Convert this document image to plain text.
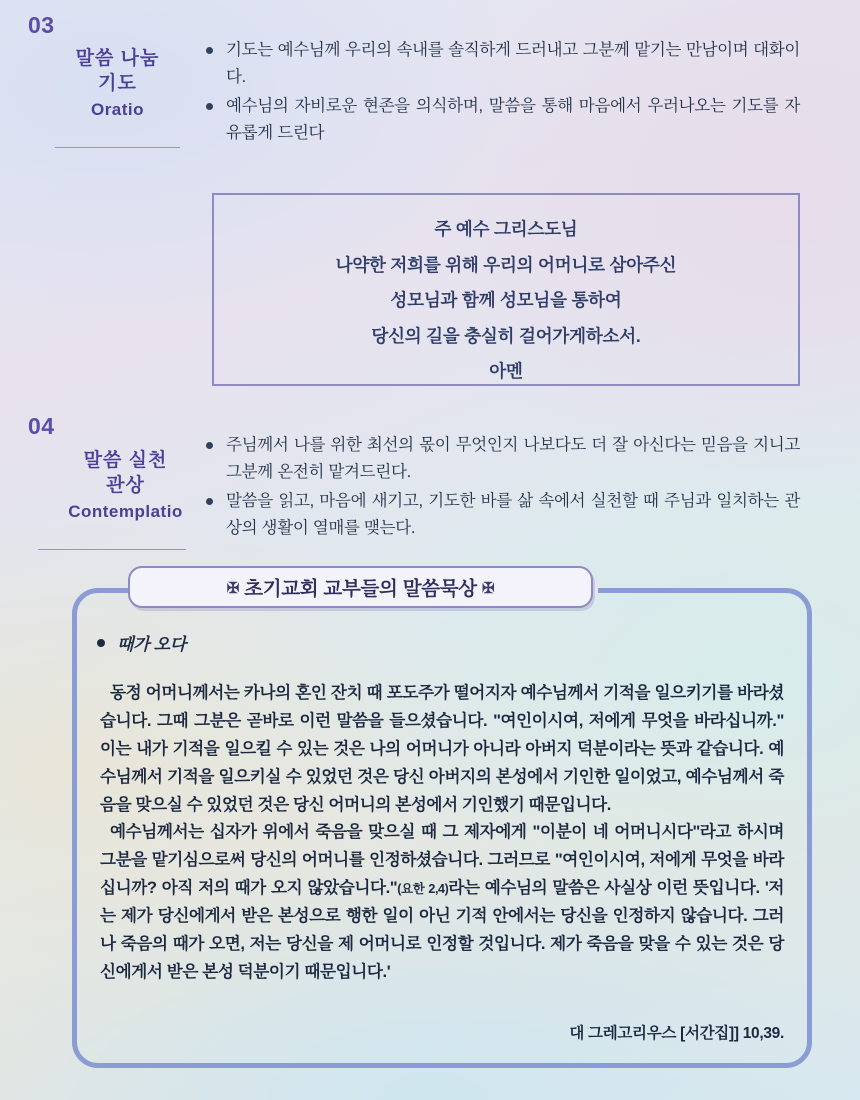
03
말씀 나눔
기도
Oratio
기도는 예수님께 우리의 속내를 솔직하게 드러내고 그분께 맡기는 만남이며 대화이다.
예수님의 자비로운 현존을 의식하며, 말씀을 통해 마음에서 우러나오는 기도를 자유롭게 드린다
주 예수 그리스도님
나약한 저희를 위해 우리의 어머니로 삼아주신
성모님과 함께 성모님을 통하여
당신의 길을 충실히 걸어가게하소서.
아멘
04
말씀 실천
관상
Contemplatio
주님께서 나를 위한 최선의 몫이 무엇인지 나보다도 더 잘 아신다는 믿음을 지니고 그분께 온전히 맡겨드린다.
말씀을 읽고, 마음에 새기고, 기도한 바를 삶 속에서 실천할 때 주님과 일치하는 관상의 생활이 열매를 맺는다.
✠ 초기교회 교부들의 말씀묵상 ✠
때가 오다

동정 어머니께서는 카나의 혼인 잔치 때 포도주가 떨어지자 예수님께서 기적을 일으키기를 바라셨습니다. 그때 그분은 곧바로 이런 말씀을 들으셨습니다. "여인이시여, 저에게 무엇을 바라십니까." 이는 내가 기적을 일으킬 수 있는 것은 나의 어머니가 아니라 아버지 덕분이라는 뜻과 같습니다. 예수님께서 기적을 일으키실 수 있었던 것은 당신 아버지의 본성에서 기인한 일이었고, 예수님께서 죽음을 맞으실 수 있었던 것은 당신 어머니의 본성에서 기인했기 때문입니다.

예수님께서는 십자가 위에서 죽음을 맞으실 때 그 제자에게 "이분이 네 어머니시다"라고 하시며 그분을 맡기심으로써 당신의 어머니를 인정하셨습니다. 그러므로 "여인이시여, 저에게 무엇을 바라십니까? 아직 저의 때가 오지 않았습니다."(요한 2,4)라는 예수님의 말씀은 사실상 이런 뜻입니다. '저는 제가 당신에게서 받은 본성으로 행한 일이 아닌 기적 안에서는 당신을 인정하지 않습니다. 그러나 죽음의 때가 오면, 저는 당신을 제 어머니로 인정할 것입니다. 제가 죽음을 맞을 수 있는 것은 당신에게서 받은 본성 덕분이기 때문입니다.'

대 그레고리우스 [서간집]] 10,39.
